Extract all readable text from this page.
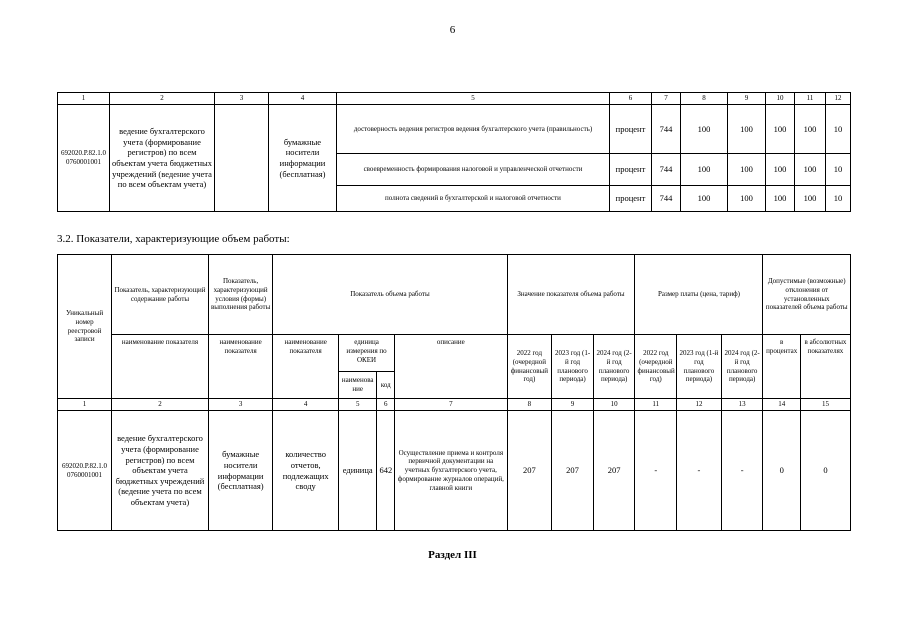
6
1	2	3	4	5	6	7	8	9	10	11	12
692020.Р.82.1.0 0760001001	ведение бухгалтерского учета (формирование регистров) по всем объектам учета бюджетных учреждений (ведение учета по всем объектам учета)		бумажные носители информации (бесплатная)	достоверность ведения регистров ведения бухгалтерского учета (правильность)	процент	744	100	100	100	100	10
				своевременность формирования налоговой и управленческой отчетности	процент	744	100	100	100	100	10
				полнота сведений в бухгалтерской и налоговой отчетности	процент	744	100	100	100	100	10
3.2. Показатели, характеризующие объем работы:
Уникальный номер реестровой записи	Показатель, характеризующий содержание работы	Показатель, характеризующий условия (формы) выполнения работы	Показатель объема работы				Значение показателя объема работы			Размер платы (цена, тариф)			Допустимые (возможные) отклонения от установленных показателей объема работы	
	наименование показателя	наименование показателя	наименование показателя	единица измерения по ОКЕИ		описание	2022 год (очередной финансовый год)	2023 год (1-й год планового периода)	2024 год (2-й год планового периода)	2022 год (очередной финансовый год)	2023 год (1-й год планового периода)	2024 год (2-й год планового периода)	в процентах	в абсолютных показателях
				наименова ние	код									
1	2	3	4	5	6	7	8	9	10	11	12	13	14	15
692020.Р.82.1.0 0760001001	ведение бухгалтерского учета (формирование регистров) по всем объектам учета бюджетных учреждений (ведение учета по всем объектам учета)	бумажные носители информации (бесплатная)	количество отчетов, подлежащих своду	единица	642	Осуществление приема и контроля первичной документации на учетных бухгалтерского учета, формирование журналов операций, главной книги	207	207	207	-	-	-	0	0
Раздел III
